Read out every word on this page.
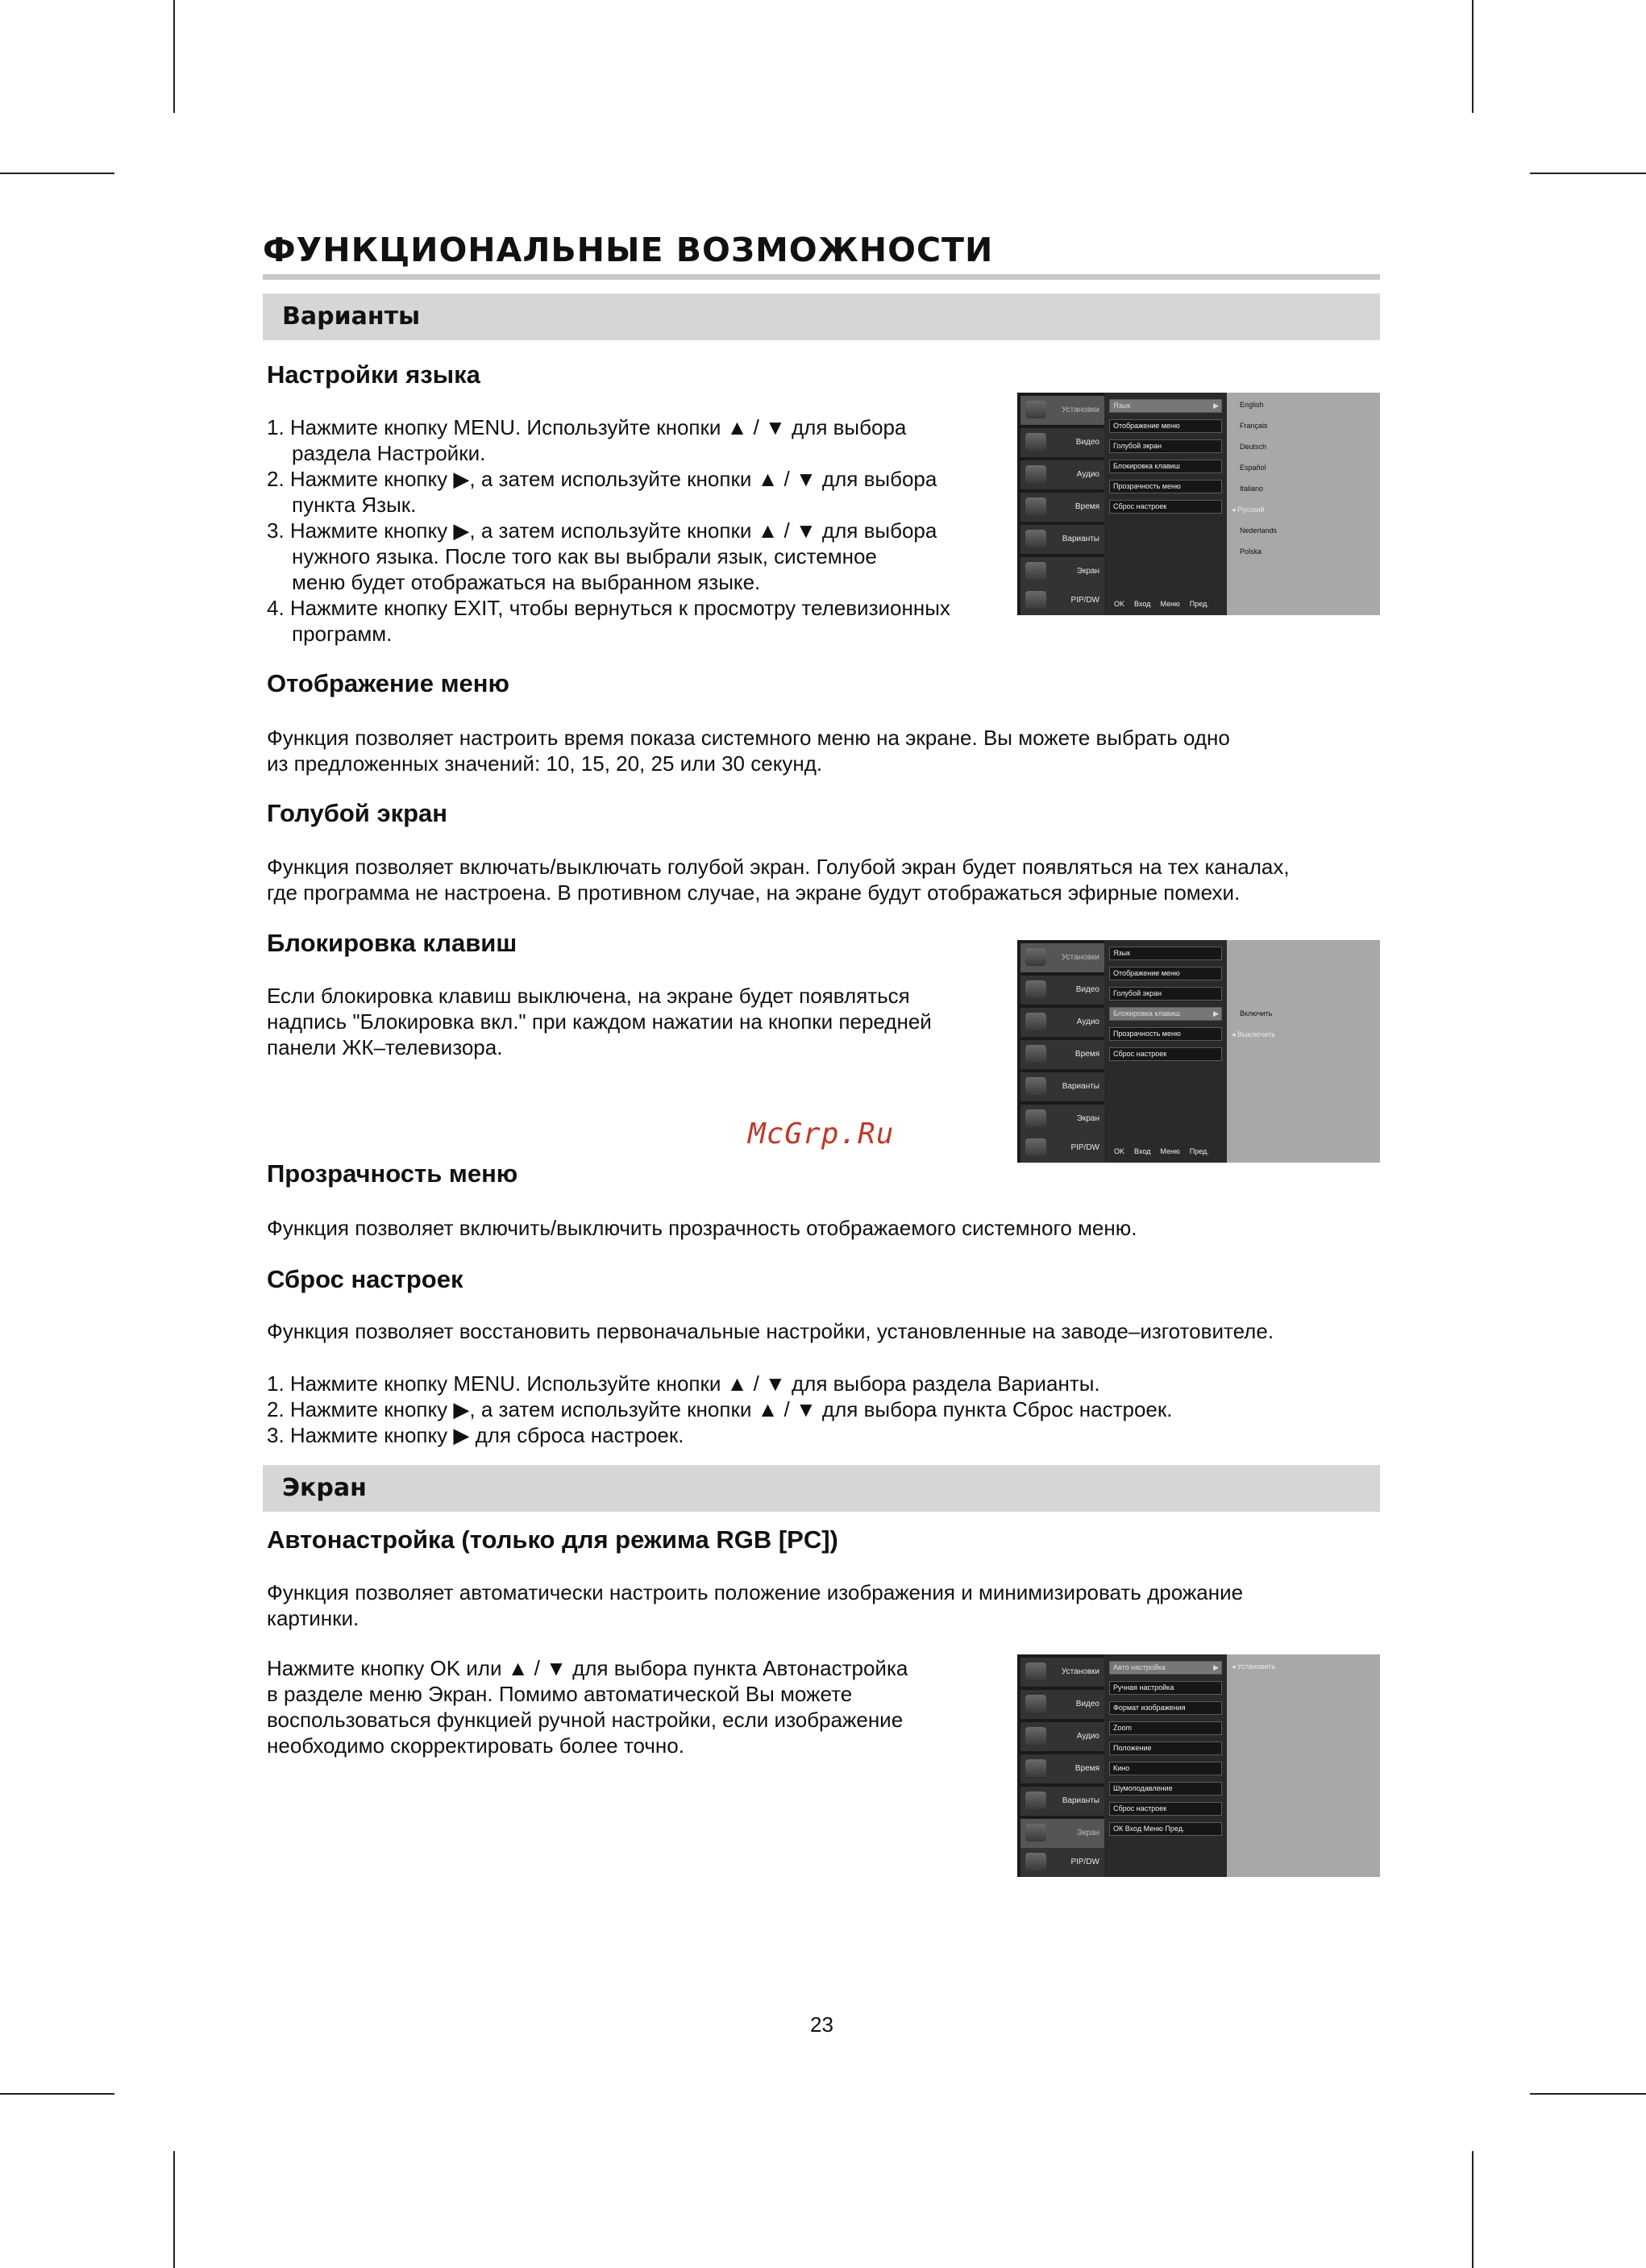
ФУНКЦИОНАЛЬНЫЕ ВОЗМОЖНОСТИ
Варианты
Настройки языка

1. Нажмите кнопку MENU. Используйте кнопки ▲ / ▼ для выбора

раздела Настройки.

2. Нажмите кнопку ▶, а затем используйте кнопки ▲ / ▼ для выбора

пункта Язык.

3. Нажмите кнопку ▶, а затем используйте кнопки ▲ / ▼ для выбора

нужного языка. После того как вы выбрали язык, системное

меню будет отображаться на выбранном языке.

4. Нажмите кнопку EXIT, чтобы вернуться к просмотру телевизионных

программ.

Установки
Видео
Аудио
Время
Варианты
Экран
PIP/DW
Язык	▶
Отображение меню
Голубой экран
Блокировка клавиш
Прозрачность меню
Сброс настроек
OK Вход Меню Пред.
English
Français
Deutsch
Español
Italiano
◂ Русский
Nederlands
Polska
Отображение меню

Функция позволяет настроить время показа системного меню на экране. Вы можете выбрать одно

из предложенных значений: 10, 15, 20, 25 или 30 секунд.

Голубой экран

Функция позволяет включать/выключать голубой экран. Голубой экран будет появляться на тех каналах,

где программа не настроена. В противном случае, на экране будут отображаться эфирные помехи.

Блокировка клавиш

Если блокировка клавиш выключена, на экране будет появляться

надпись "Блокировка вкл." при каждом нажатии на кнопки передней

панели ЖК–телевизора.

Установки
Видео
Аудио
Время
Варианты
Экран
PIP/DW
Язык
Отображение меню
Голубой экран
Блокировка клавиш	▶
Прозрачность меню
Сброс настроек
OK Вход Меню Пред.
Включить
◂ Выключить
McGrp.Ru
Прозрачность меню

Функция позволяет включить/выключить прозрачность отображаемого системного меню.

Сброс настроек

Функция позволяет восстановить первоначальные настройки, установленные на заводе–изготовителе.

1. Нажмите кнопку MENU. Используйте кнопки ▲ / ▼ для выбора раздела Варианты.

2. Нажмите кнопку ▶, а затем используйте кнопки ▲ / ▼ для выбора пункта Сброс настроек.

3. Нажмите кнопку ▶ для сброса настроек.

Экран
Автонастройка (только для режима RGB [PC])

Функция позволяет автоматически настроить положение изображения и минимизировать дрожание

картинки.

Нажмите кнопку OK или ▲ / ▼ для выбора пункта Автонастройка

в разделе меню Экран. Помимо автоматической Вы можете

воспользоваться функцией ручной настройки, если изображение

необходимо скорректировать более точно.

Установки
Видео
Аудио
Время
Варианты
Экран
PIP/DW
Авто настройка	▶
Ручная настройка
Формат изображения
Zoom
Положение
Кино
Шумоподавление
Сброс настроек
ОК Вход Меню Пред.
◂ Установить
23
